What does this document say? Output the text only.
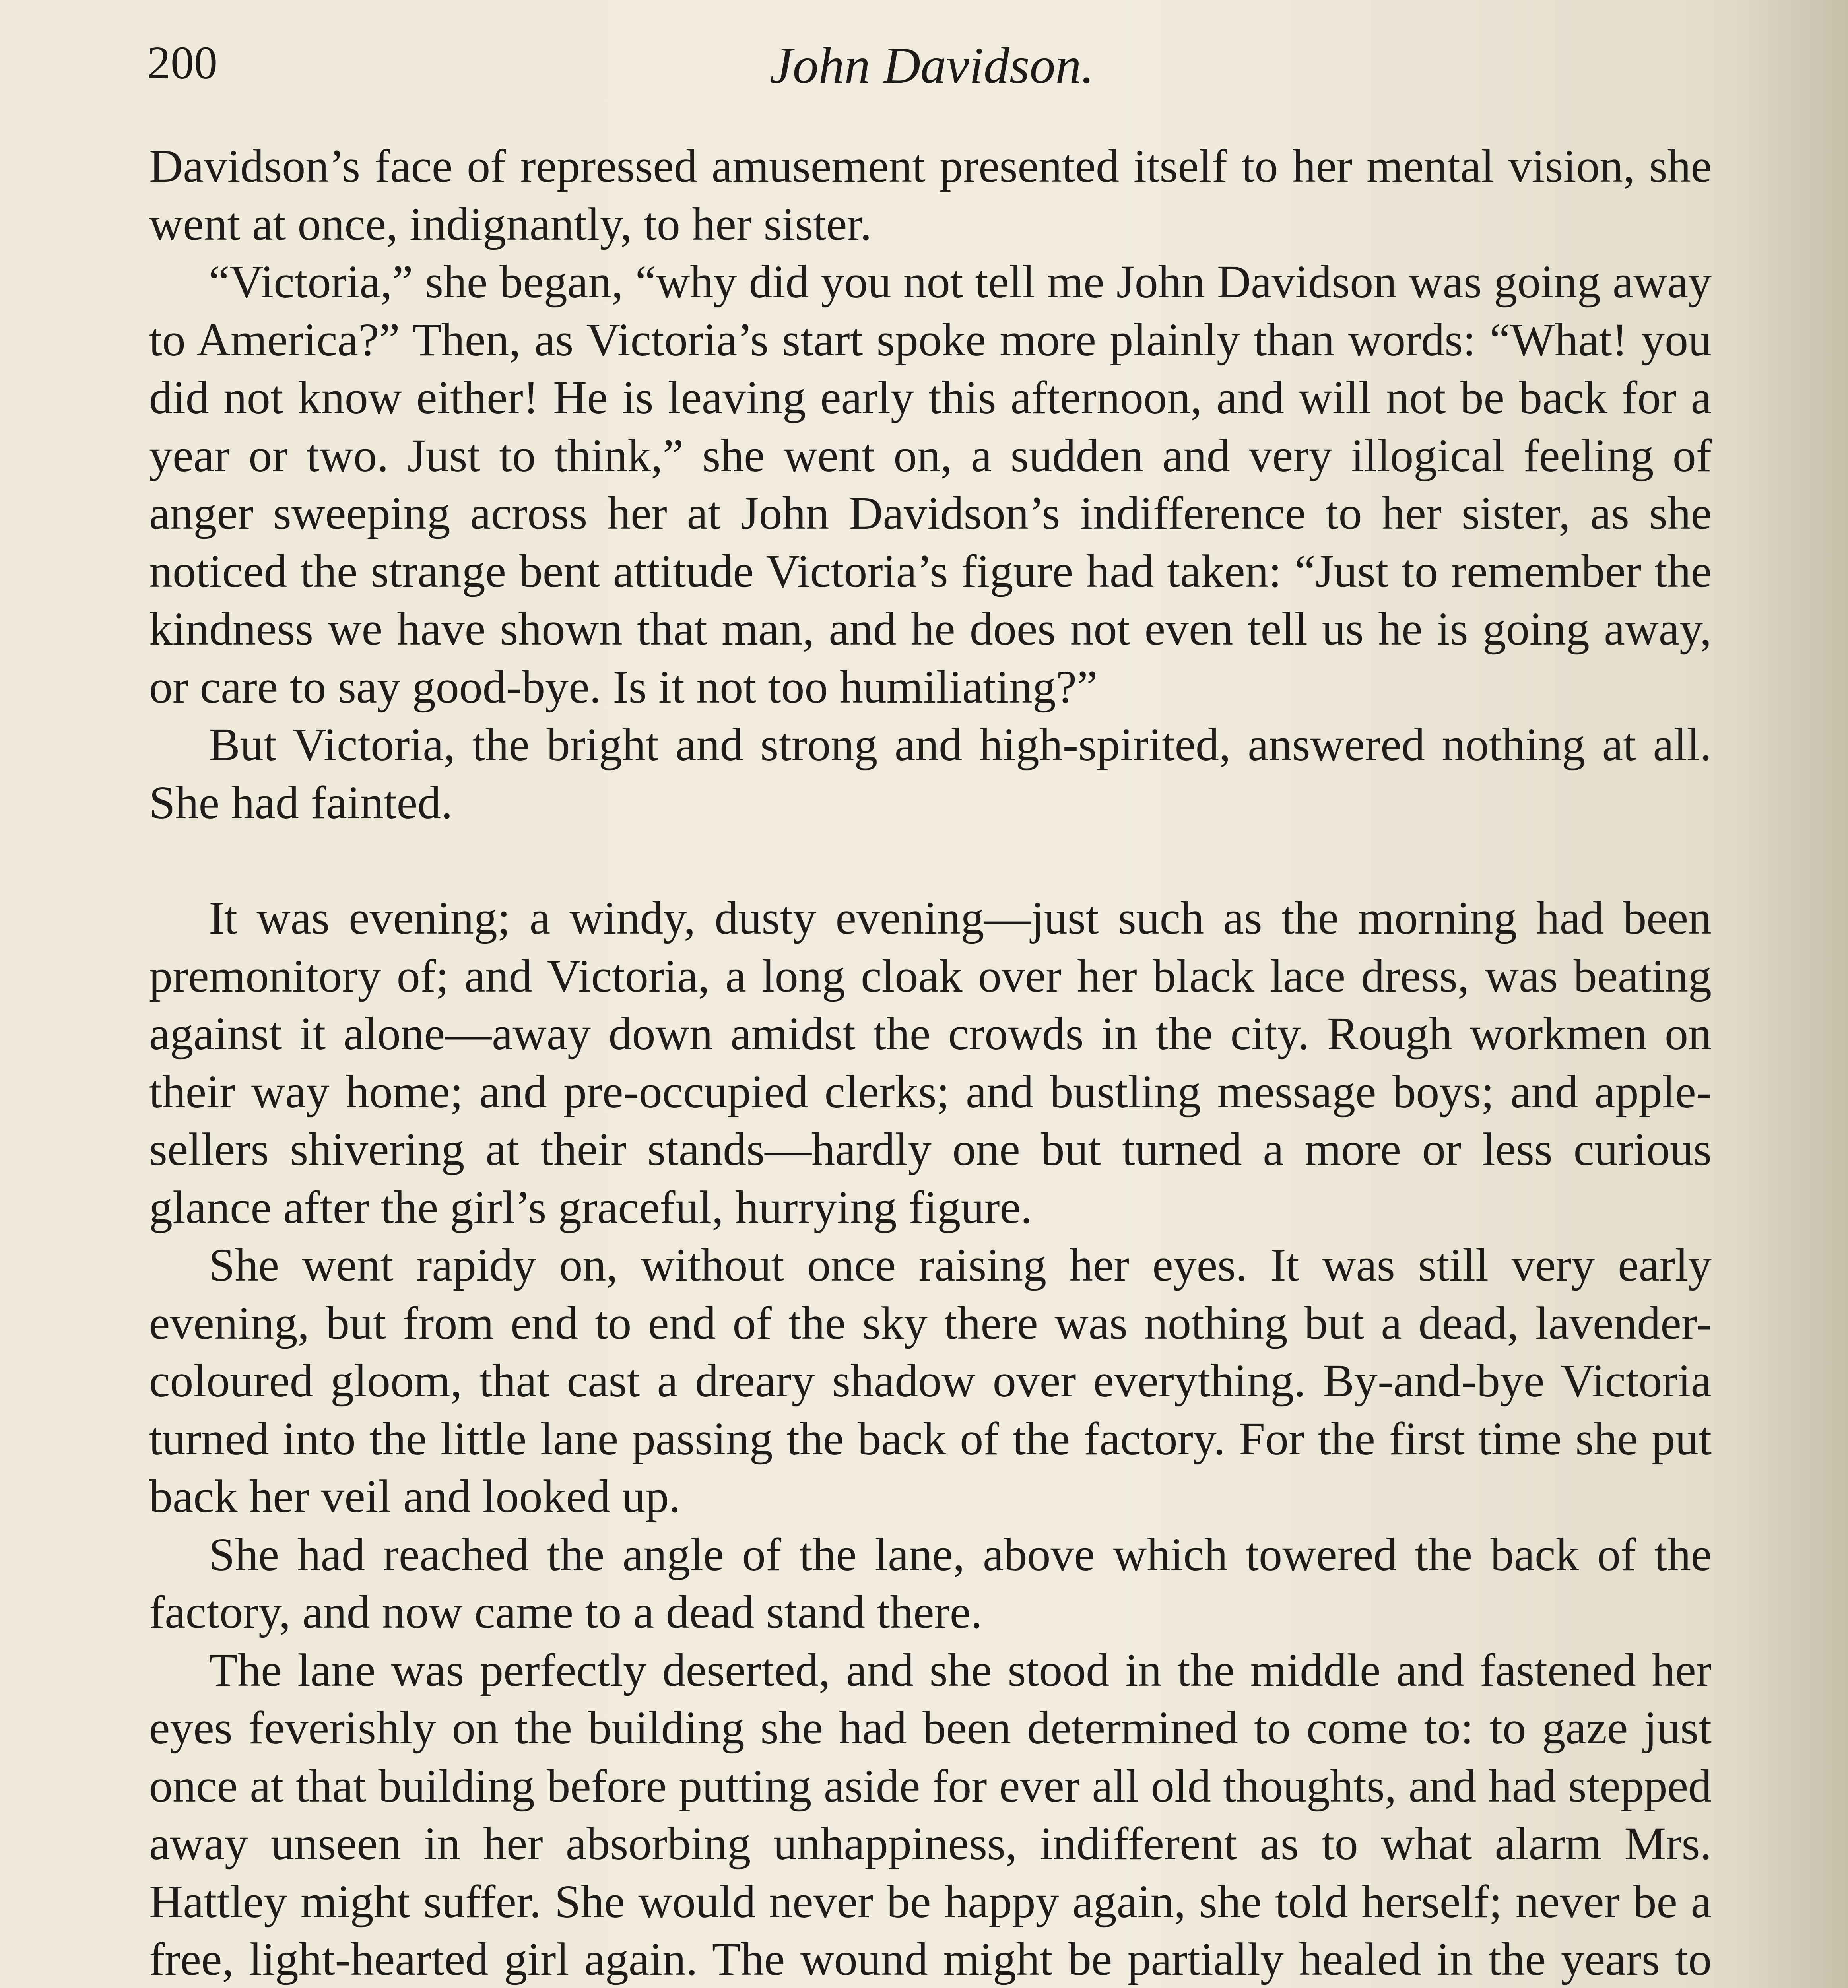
200	John Davidson.

Davidson’s face of repressed amusement presented itself to her mental vision, she went at once, indignantly, to her sister.

“Victoria,” she began, “why did you not tell me John Davidson was going away to America?” Then, as Victoria’s start spoke more plainly than words: “What! you did not know either! He is leaving early this afternoon, and will not be back for a year or two. Just to think,” she went on, a sudden and very illogical feeling of anger sweeping across her at John Davidson’s indifference to her sister, as she noticed the strange bent attitude Victoria’s figure had taken: “Just to remember the kindness we have shown that man, and he does not even tell us he is going away, or care to say good-bye. Is it not too humiliating?”

But Victoria, the bright and strong and high-spirited, answered nothing at all. She had fainted.

It was evening; a windy, dusty evening—just such as the morning had been premonitory of; and Victoria, a long cloak over her black lace dress, was beating against it alone—away down amidst the crowds in the city. Rough workmen on their way home; and pre-occupied clerks; and bustling message boys; and apple-sellers shivering at their stands—hardly one but turned a more or less curious glance after the girl’s graceful, hurrying figure.

She went rapidy on, without once raising her eyes. It was still very early evening, but from end to end of the sky there was nothing but a dead, lavender-coloured gloom, that cast a dreary shadow over everything. By-and-bye Victoria turned into the little lane passing the back of the factory. For the first time she put back her veil and looked up.

She had reached the angle of the lane, above which towered the back of the factory, and now came to a dead stand there.

The lane was perfectly deserted, and she stood in the middle and fastened her eyes feverishly on the building she had been determined to come to: to gaze just once at that building before putting aside for ever all old thoughts, and had stepped away unseen in her absorbing unhappiness, indifferent as to what alarm Mrs. Hattley might suffer. She would never be happy again, she told herself; never be a free, light-hearted girl again. The wound might be partially healed in the years to
